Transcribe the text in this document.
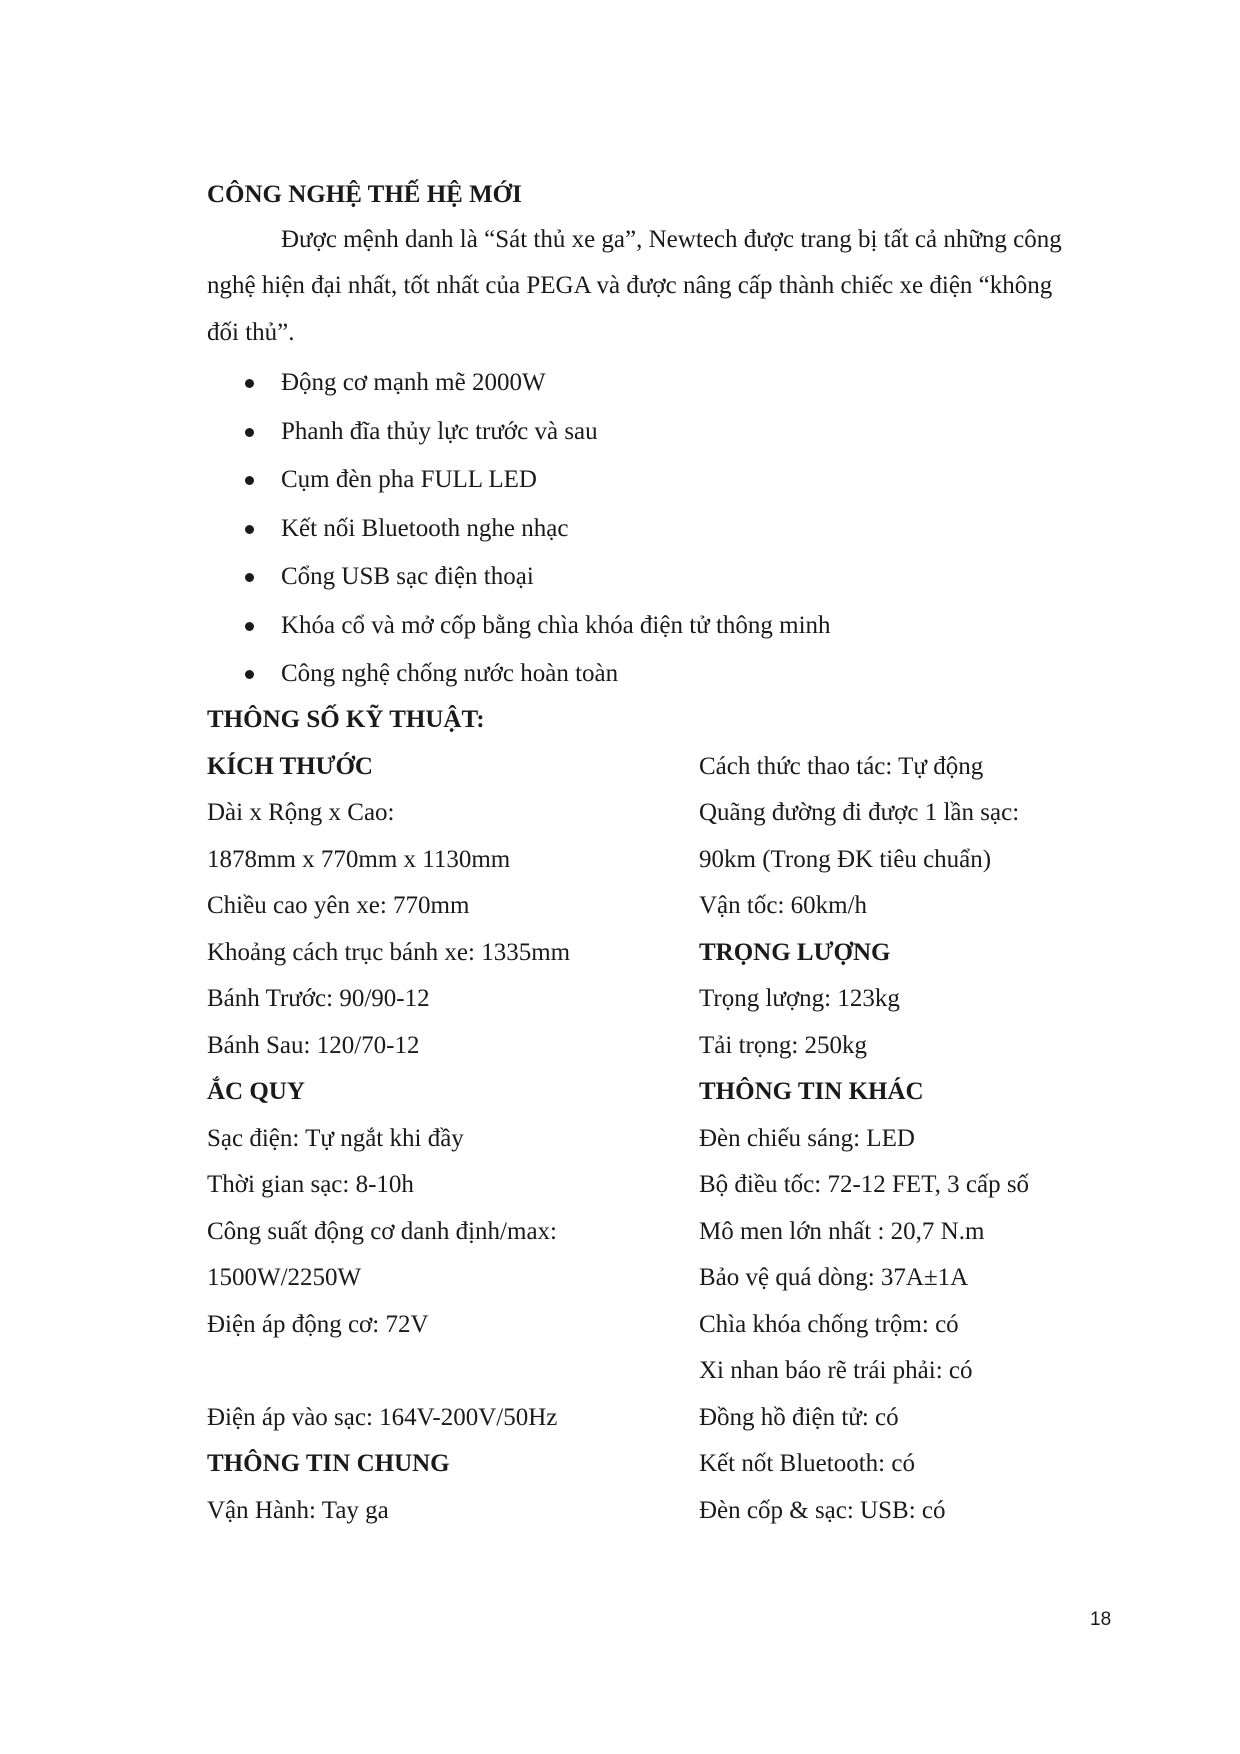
CÔNG NGHỆ THẾ HỆ MỚI
Được mệnh danh là “Sát thủ xe ga”, Newtech được trang bị tất cả những công
nghệ hiện đại nhất, tốt nhất của PEGA và được nâng cấp thành chiếc xe điện “không
đối thủ”.
Động cơ mạnh mẽ 2000W
Phanh đĩa thủy lực trước và sau
Cụm đèn pha FULL LED
Kết nối Bluetooth nghe nhạc
Cổng USB sạc điện thoại
Khóa cổ và mở cốp bằng chìa khóa điện tử thông minh
Công nghệ chống nước hoàn toàn
THÔNG SỐ KỸ THUẬT:
KÍCH THƯỚC
Dài x Rộng x Cao:
1878mm x 770mm x 1130mm
Chiều cao yên xe: 770mm
Khoảng cách trục bánh xe: 1335mm
Bánh Trước: 90/90-12
Bánh Sau: 120/70-12
ẮC QUY
Sạc điện: Tự ngắt khi đầy
Thời gian sạc: 8-10h
Công suất động cơ danh định/max:
1500W/2250W
Điện áp động cơ: 72V
Điện áp vào sạc: 164V-200V/50Hz
THÔNG TIN CHUNG
Vận Hành: Tay ga
Cách thức thao tác: Tự động
Quãng đường đi được 1 lần sạc:
90km (Trong ĐK tiêu chuẩn)
Vận tốc: 60km/h
TRỌNG LƯỢNG
Trọng lượng: 123kg
Tải trọng: 250kg
THÔNG TIN KHÁC
Đèn chiếu sáng: LED
Bộ điều tốc: 72-12 FET, 3 cấp số
Mô men lớn nhất : 20,7 N.m
Bảo vệ quá dòng: 37A±1A
Chìa khóa chống trộm: có
Xi nhan báo rẽ trái phải: có
Đồng hồ điện tử: có
Kết nốt Bluetooth: có
Đèn cốp & sạc: USB: có
18
